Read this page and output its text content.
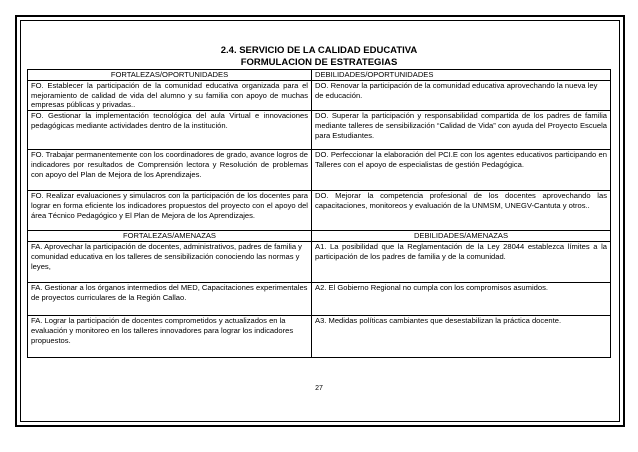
2.4. SERVICIO DE LA CALIDAD EDUCATIVA
FORMULACION DE ESTRATEGIAS
FORTALEZAS/OPORTUNIDADES	DEBILIDADES/OPORTUNIDADES
FO. Establecer la participación de la comunidad educativa organizada para el mejoramiento de calidad de vida del alumno y su familia con apoyo de muchas empresas públicas y privadas..	DO. Renovar la participación de la comunidad educativa aprovechando la nueva ley de educación.
FO. Gestionar la implementación tecnológica del aula Virtual e innovaciones pedagógicas mediante actividades dentro de la institución.	DO. Superar la participación y responsabilidad compartida de los padres de familia mediante talleres de sensibilización “Calidad de Vida” con ayuda del Proyecto Escuela para Estudiantes.
FO. Trabajar permanentemente con los coordinadores de grado, avance logros de indicadores por resultados de Comprensión lectora y Resolución de problemas con apoyo del Plan de Mejora de los Aprendizajes.	DO. Perfeccionar la elaboración del PCI.E con los agentes educativos participando en Talleres con el apoyo de especialistas de gestión Pedagógica.
FO. Realizar evaluaciones y simulacros con la participación de los docentes para lograr en forma eficiente los indicadores propuestos del proyecto con el apoyo del área Técnico Pedagógico y El Plan de Mejora de los Aprendizajes.	DO. Mejorar la competencia profesional de los docentes aprovechando las capacitaciones, monitoreos y evaluación de la UNMSM, UNEGV-Cantuta y otros..
FORTALEZAS/AMENAZAS	DEBILIDADES/AMENAZAS
FA. Aprovechar la participación de docentes, administrativos, padres de familia y comunidad educativa en los talleres de sensibilización conociendo las normas y leyes,	A1. La posibilidad que la Reglamentación de la Ley 28044 establezca límites a la participación de los padres de familia y de la comunidad.
FA. Gestionar a los órganos intermedios del MED, Capacitaciones experimentales de proyectos curriculares de la Región Callao.	A2. El Gobierno Regional no cumpla con los compromisos asumidos.
FA. Lograr la participación de docentes comprometidos y actualizados en la evaluación y monitoreo en los talleres innovadores para lograr los indicadores propuestos.	A3. Medidas políticas cambiantes que desestabilizan la práctica docente.
27
